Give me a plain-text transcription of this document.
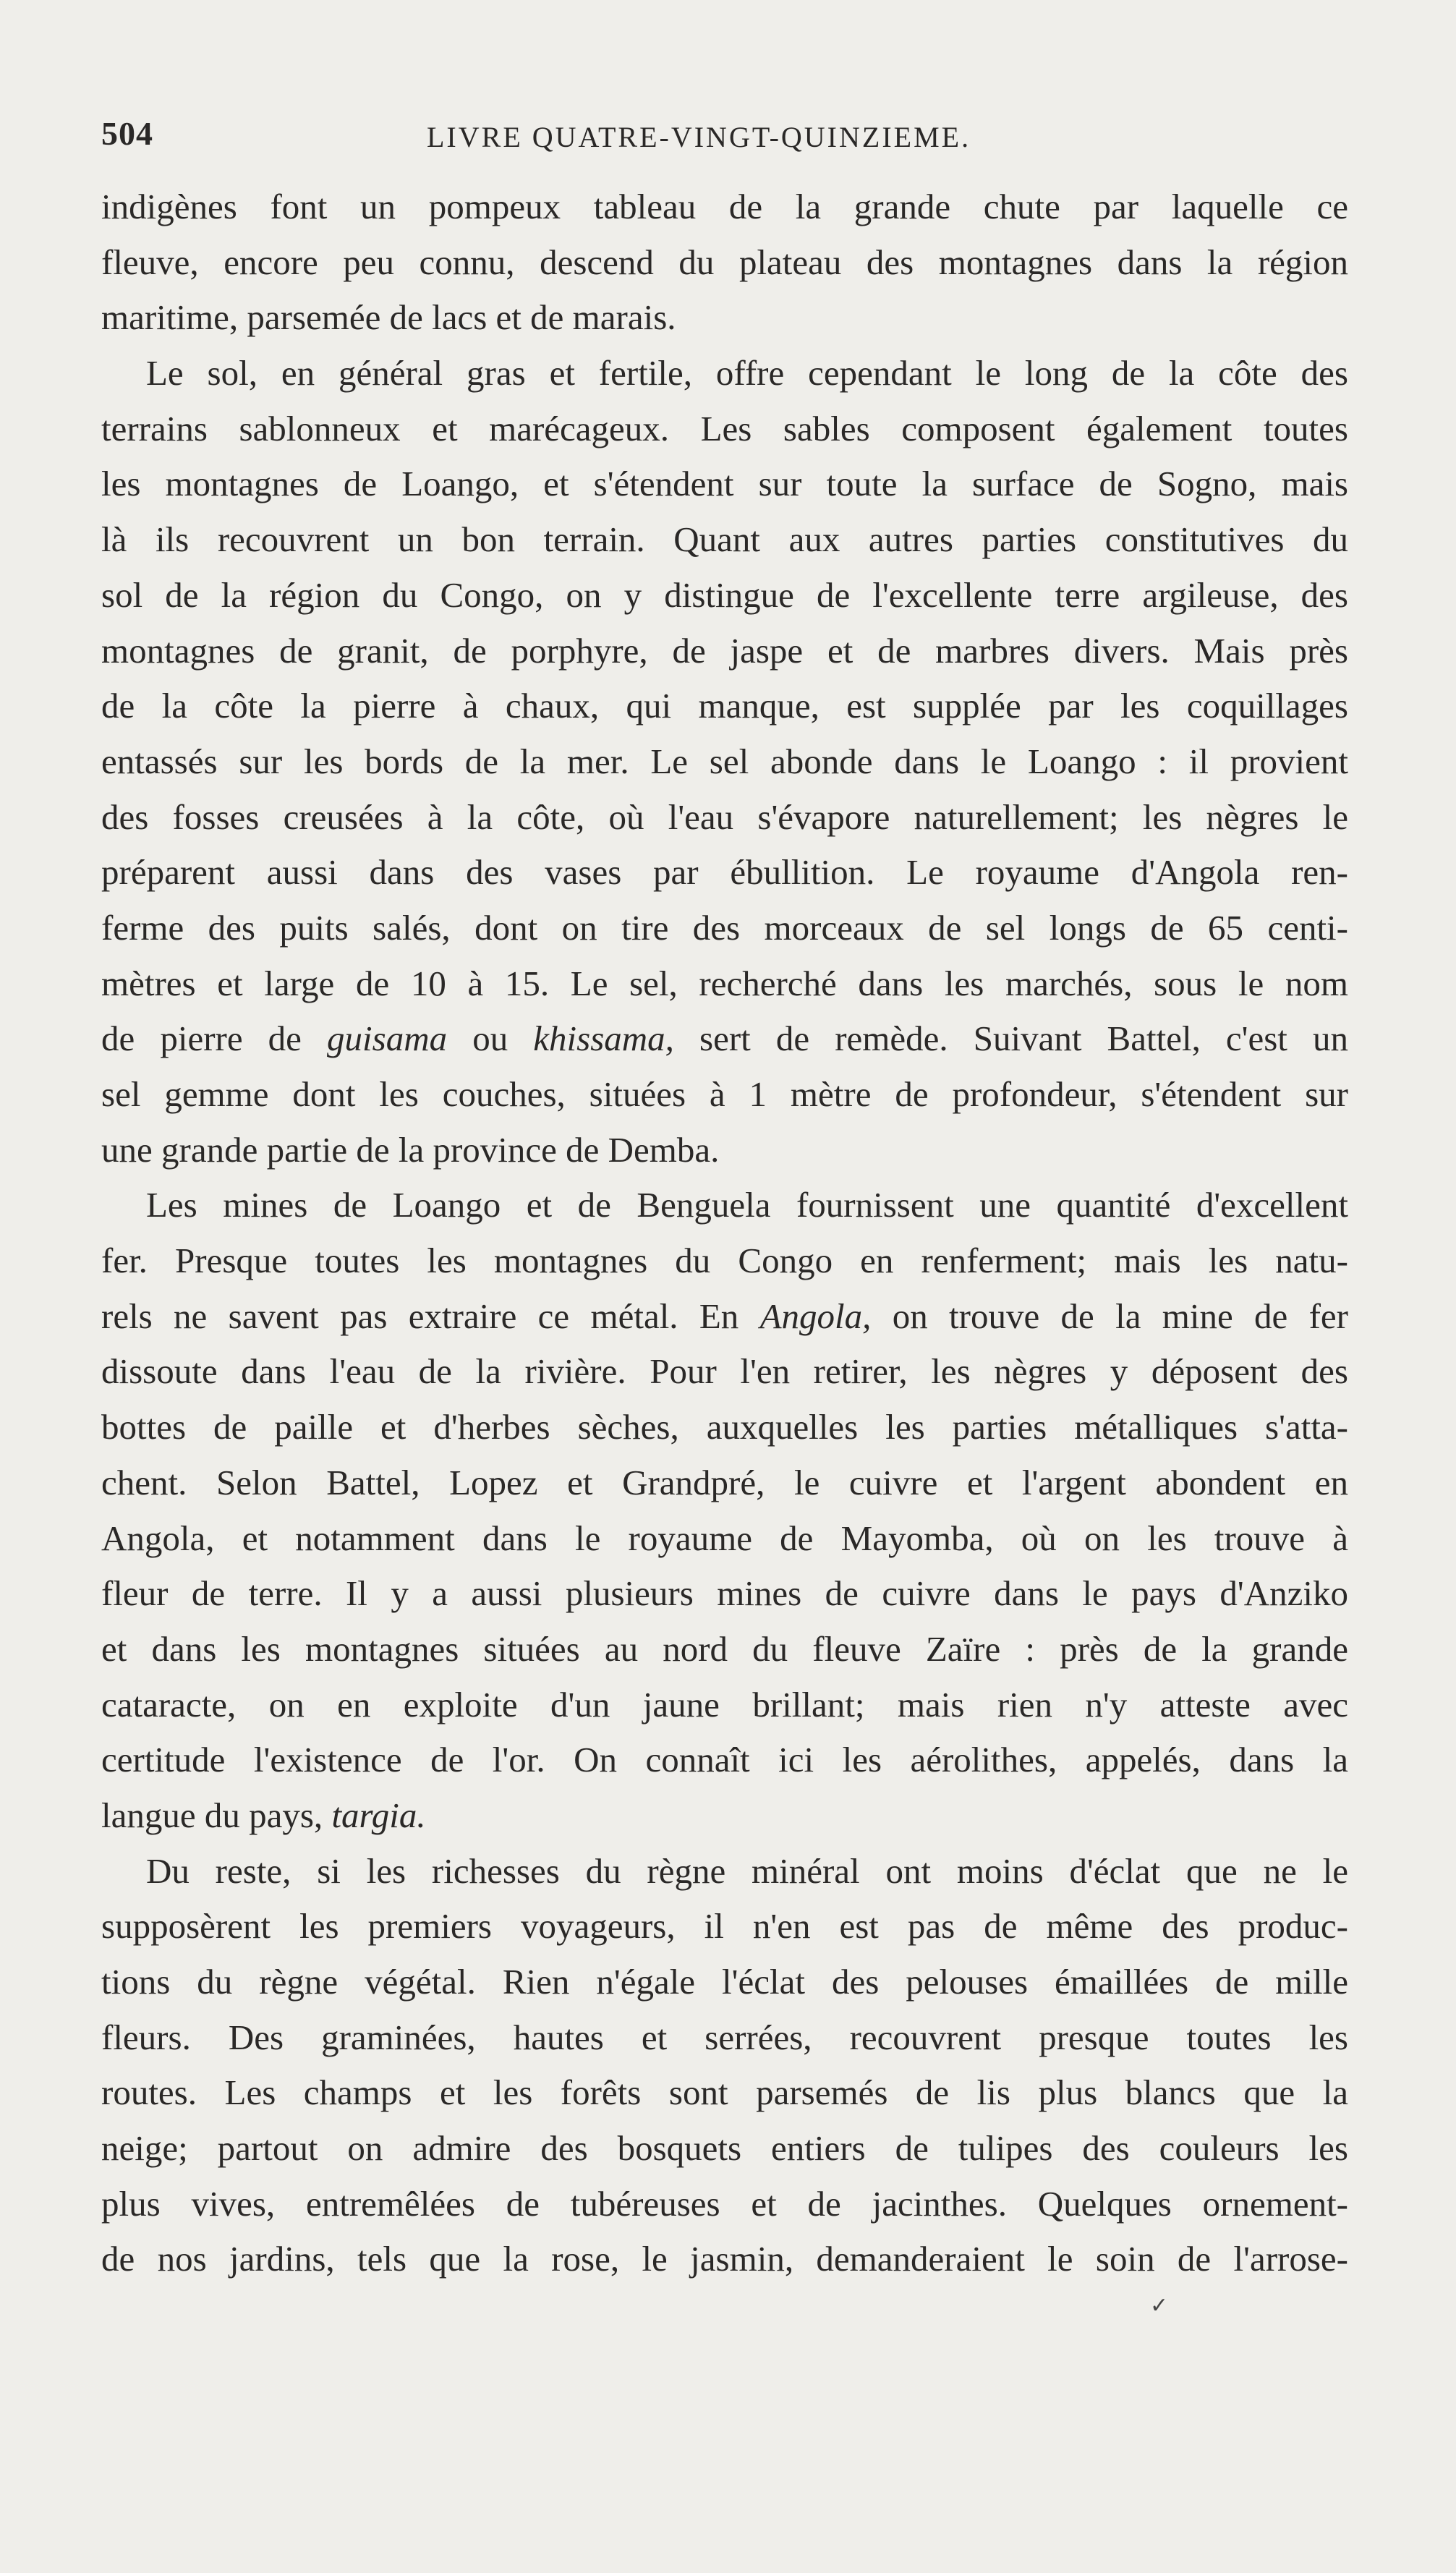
504	LIVRE QUATRE-VINGT-QUINZIEME.
indigènes font un pompeux tableau de la grande chute par laquelle ce
fleuve, encore peu connu, descend du plateau des montagnes dans la région
maritime, parsemée de lacs et de marais.
Le sol, en général gras et fertile, offre cependant le long de la côte des
terrains sablonneux et marécageux. Les sables composent également toutes
les montagnes de Loango, et s'étendent sur toute la surface de Sogno, mais
là ils recouvrent un bon terrain. Quant aux autres parties constitutives du
sol de la région du Congo, on y distingue de l'excellente terre argileuse, des
montagnes de granit, de porphyre, de jaspe et de marbres divers. Mais près
de la côte la pierre à chaux, qui manque, est supplée par les coquillages
entassés sur les bords de la mer. Le sel abonde dans le Loango : il provient
des fosses creusées à la côte, où l'eau s'évapore naturellement; les nègres le
préparent aussi dans des vases par ébullition. Le royaume d'Angola ren-
ferme des puits salés, dont on tire des morceaux de sel longs de 65 centi-
mètres et large de 10 à 15. Le sel, recherché dans les marchés, sous le nom
de pierre de guisama ou khissama, sert de remède. Suivant Battel, c'est un
sel gemme dont les couches, situées à 1 mètre de profondeur, s'étendent sur
une grande partie de la province de Demba.
Les mines de Loango et de Benguela fournissent une quantité d'excellent
fer. Presque toutes les montagnes du Congo en renferment; mais les natu-
rels ne savent pas extraire ce métal. En Angola, on trouve de la mine de fer
dissoute dans l'eau de la rivière. Pour l'en retirer, les nègres y déposent des
bottes de paille et d'herbes sèches, auxquelles les parties métalliques s'atta-
chent. Selon Battel, Lopez et Grandpré, le cuivre et l'argent abondent en
Angola, et notamment dans le royaume de Mayomba, où on les trouve à
fleur de terre. Il y a aussi plusieurs mines de cuivre dans le pays d'Anziko
et dans les montagnes situées au nord du fleuve Zaïre : près de la grande
cataracte, on en exploite d'un jaune brillant; mais rien n'y atteste avec
certitude l'existence de l'or. On connaît ici les aérolithes, appelés, dans la
langue du pays, targia.
Du reste, si les richesses du règne minéral ont moins d'éclat que ne le
supposèrent les premiers voyageurs, il n'en est pas de même des produc-
tions du règne végétal. Rien n'égale l'éclat des pelouses émaillées de mille
fleurs. Des graminées, hautes et serrées, recouvrent presque toutes les
routes. Les champs et les forêts sont parsemés de lis plus blancs que la
neige; partout on admire des bosquets entiers de tulipes des couleurs les
plus vives, entremêlées de tubéreuses et de jacinthes. Quelques ornement-
de nos jardins, tels que la rose, le jasmin, demanderaient le soin de l'arrose-
✓
